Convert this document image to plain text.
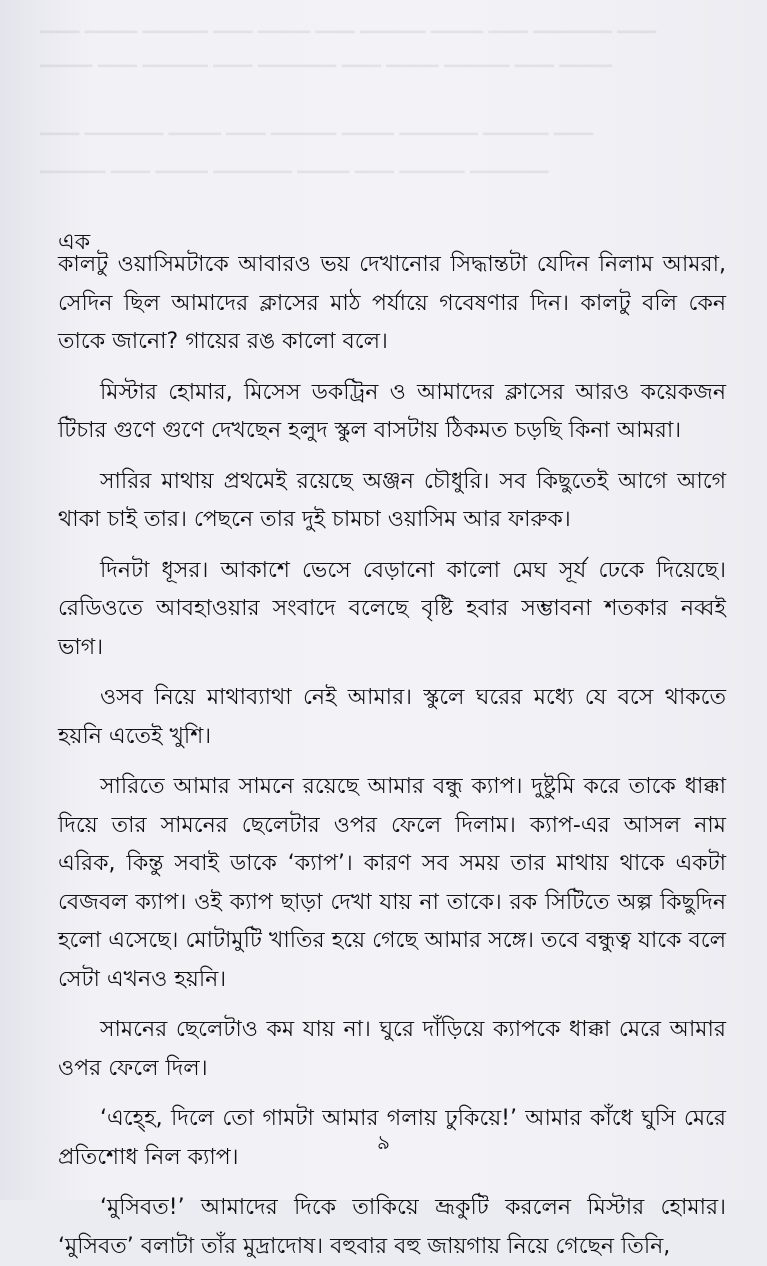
▁▁▁ ▁▁▁▁ ▁▁▁▁▁ ▁▁▁ ▁▁▁▁ ▁▁▁ ▁▁▁▁▁ ▁▁▁▁ ▁▁▁ ▁▁▁▁▁▁ ▁▁▁
▁▁▁▁ ▁▁▁ ▁▁▁▁▁ ▁▁▁ ▁▁▁▁▁▁ ▁▁▁ ▁▁▁▁ ▁▁▁▁▁ ▁▁▁ ▁▁▁▁
▁▁▁ ▁▁▁▁▁▁ ▁▁▁▁ ▁▁▁ ▁▁▁▁▁ ▁▁▁▁ ▁▁▁▁▁▁ ▁▁▁▁▁ ▁▁▁
▁▁▁▁▁ ▁▁▁ ▁▁▁▁ ▁▁▁▁▁▁ ▁▁▁▁ ▁▁▁ ▁▁▁▁▁ ▁▁▁▁▁▁
এক

কালটু ওয়াসিমটাকে আবারও ভয় দেখানোর সিদ্ধান্তটা যেদিন নিলাম আমরা, সেদিন ছিল আমাদের ক্লাসের মাঠ পর্যায়ে গবেষণার দিন। কালটু বলি কেন তাকে জানো? গায়ের রঙ কালো বলে।

মিস্টার হোমার, মিসেস ডকট্রিন ও আমাদের ক্লাসের আরও কয়েকজন টিচার গুণে গুণে দেখছেন হলুদ স্কুল বাসটায় ঠিকমত চড়ছি কিনা আমরা।

সারির মাথায় প্রথমেই রয়েছে অঞ্জন চৌধুরি। সব কিছুতেই আগে আগে থাকা চাই তার। পেছনে তার দুই চামচা ওয়াসিম আর ফারুক।

দিনটা ধূসর। আকাশে ভেসে বেড়ানো কালো মেঘ সূর্য ঢেকে দিয়েছে। রেডিওতে আবহাওয়ার সংবাদে বলেছে বৃষ্টি হবার সম্ভাবনা শতকার নব্বই ভাগ।

ওসব নিয়ে মাথাব্যাথা নেই আমার। স্কুলে ঘরের মধ্যে যে বসে থাকতে হয়নি এতেই খুশি।

সারিতে আমার সামনে রয়েছে আমার বন্ধু ক্যাপ। দুষ্টুমি করে তাকে ধাক্কা দিয়ে তার সামনের ছেলেটার ওপর ফেলে দিলাম। ক্যাপ-এর আসল নাম এরিক, কিন্তু সবাই ডাকে ‘ক্যাপ’। কারণ সব সময় তার মাথায় থাকে একটা বেজবল ক্যাপ। ওই ক্যাপ ছাড়া দেখা যায় না তাকে। রক সিটিতে অল্প কিছুদিন হলো এসেছে। মোটামুটি খাতির হয়ে গেছে আমার সঙ্গে। তবে বন্ধুত্ব যাকে বলে সেটা এখনও হয়নি।

সামনের ছেলেটাও কম যায় না। ঘুরে দাঁড়িয়ে ক্যাপকে ধাক্কা মেরে আমার ওপর ফেলে দিল।

‘এহ্হে, দিলে তো গামটা আমার গলায় ঢুকিয়ে!’ আমার কাঁধে ঘুসি মেরে প্রতিশোধ নিল ক্যাপ।

‘মুসিবত!’ আমাদের দিকে তাকিয়ে ভ্রূকুটি করলেন মিস্টার হোমার। ‘মুসিবত’ বলাটা তাঁর মুদ্রাদোষ। বহুবার বহু জায়গায় নিয়ে গেছেন তিনি,

৯
